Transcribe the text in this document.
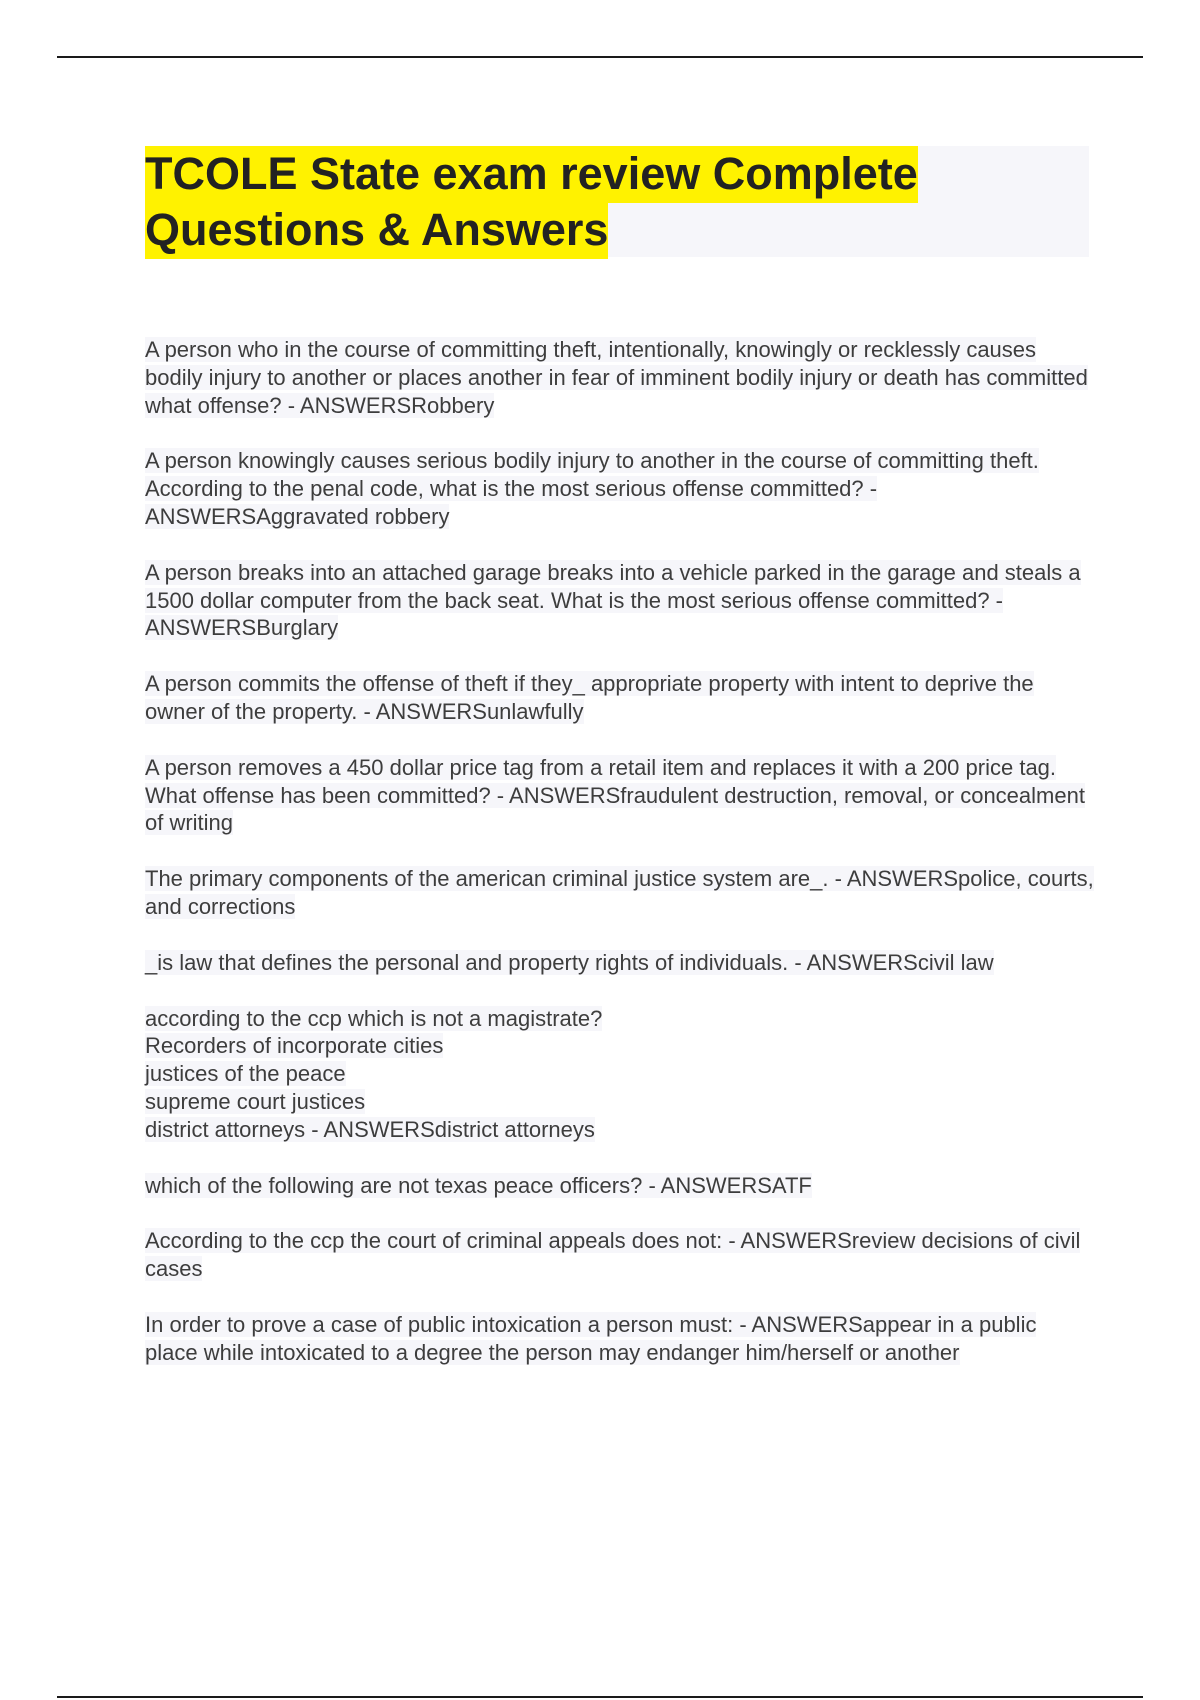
TCOLE State exam review Complete Questions & Answers

A person who in the course of committing theft, intentionally, knowingly or recklessly causes bodily injury to another or places another in fear of imminent bodily injury or death has committed what offense? - ANSWERSRobbery

A person knowingly causes serious bodily injury to another in the course of committing theft. According to the penal code, what is the most serious offense committed? - ANSWERSAggravated robbery

A person breaks into an attached garage breaks into a vehicle parked in the garage and steals a 1500 dollar computer from the back seat. What is the most serious offense committed? - ANSWERSBurglary

A person commits the offense of theft if they_ appropriate property with intent to deprive the owner of the property. - ANSWERSunlawfully

A person removes a 450 dollar price tag from a retail item and replaces it with a 200 price tag. What offense has been committed? - ANSWERSfraudulent destruction, removal, or concealment of writing

The primary components of the american criminal justice system are_. - ANSWERSpolice, courts, and corrections

_is law that defines the personal and property rights of individuals. - ANSWERScivil law

according to the ccp which is not a magistrate?
Recorders of incorporate cities
justices of the peace
supreme court justices
district attorneys - ANSWERSdistrict attorneys

which of the following are not texas peace officers? - ANSWERSATF

According to the ccp the court of criminal appeals does not: - ANSWERSreview decisions of civil cases

In order to prove a case of public intoxication a person must: - ANSWERSappear in a public place while intoxicated to a degree the person may endanger him/herself or another
